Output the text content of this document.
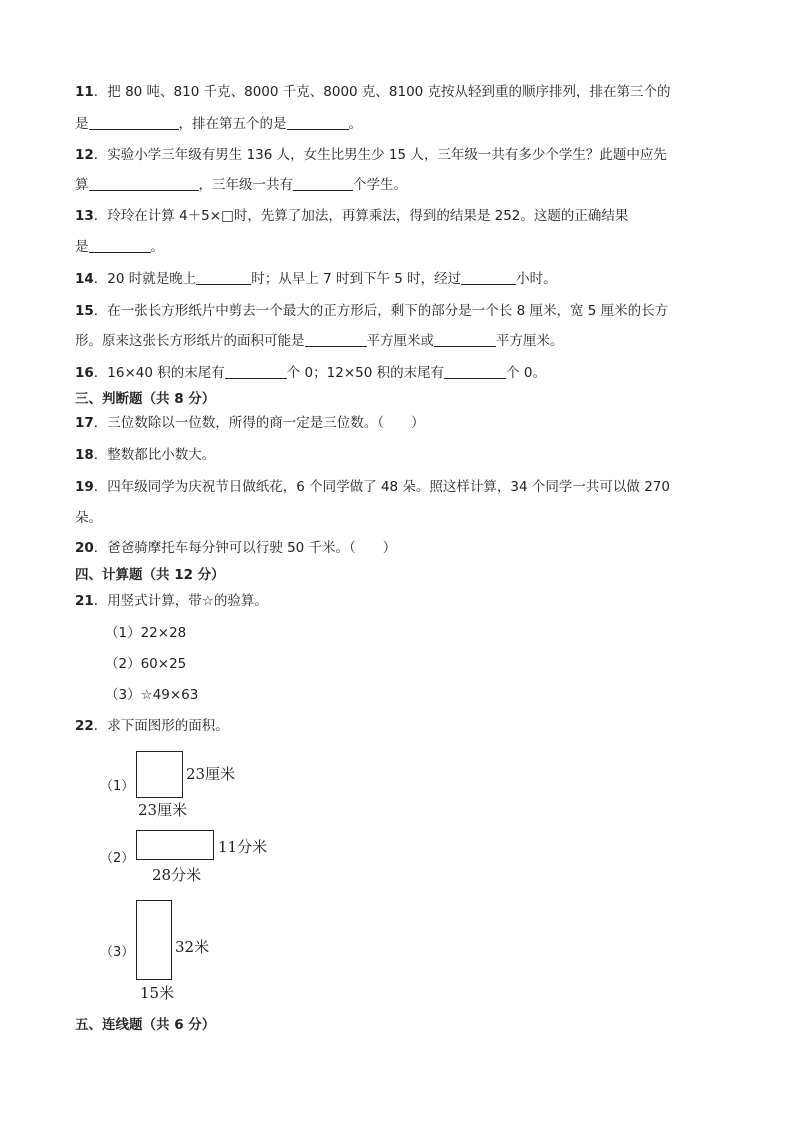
11．把 80 吨、810 千克、8000 千克、8000 克、8100 克按从轻到重的顺序排列，排在第三个的
是	，排在第五个的是	。
12．实验小学三年级有男生 136 人，女生比男生少 15 人，三年级一共有多少个学生？此题中应先
算	，三年级一共有	个学生。
13．玲玲在计算 4＋5×□时，先算了加法，再算乘法，得到的结果是 252。这题的正确结果
是	。
14．20 时就是晚上	时；从早上 7 时到下午 5 时，经过	小时。
15．在一张长方形纸片中剪去一个最大的正方形后，剩下的部分是一个长 8 厘米，宽 5 厘米的长方
形。原来这张长方形纸片的面积可能是	平方厘米或	平方厘米。
16．16×40 积的末尾有	个 0；12×50 积的末尾有	个 0。
三、判断题（共 8 分）
17．三位数除以一位数，所得的商一定是三位数。（　　）
18．整数都比小数大。
19．四年级同学为庆祝节日做纸花，6 个同学做了 48 朵。照这样计算，34 个同学一共可以做 270
朵。
20．爸爸骑摩托车每分钟可以行驶 50 千米。（　　）
四、计算题（共 12 分）
21．用竖式计算，带☆的验算。
（1）22×28
（2）60×25
（3）☆49×63
22．求下面图形的面积。
（1）
23厘米
23厘米
（2）
11分米
28分米
（3）	32米
15米
五、连线题（共 6 分）
